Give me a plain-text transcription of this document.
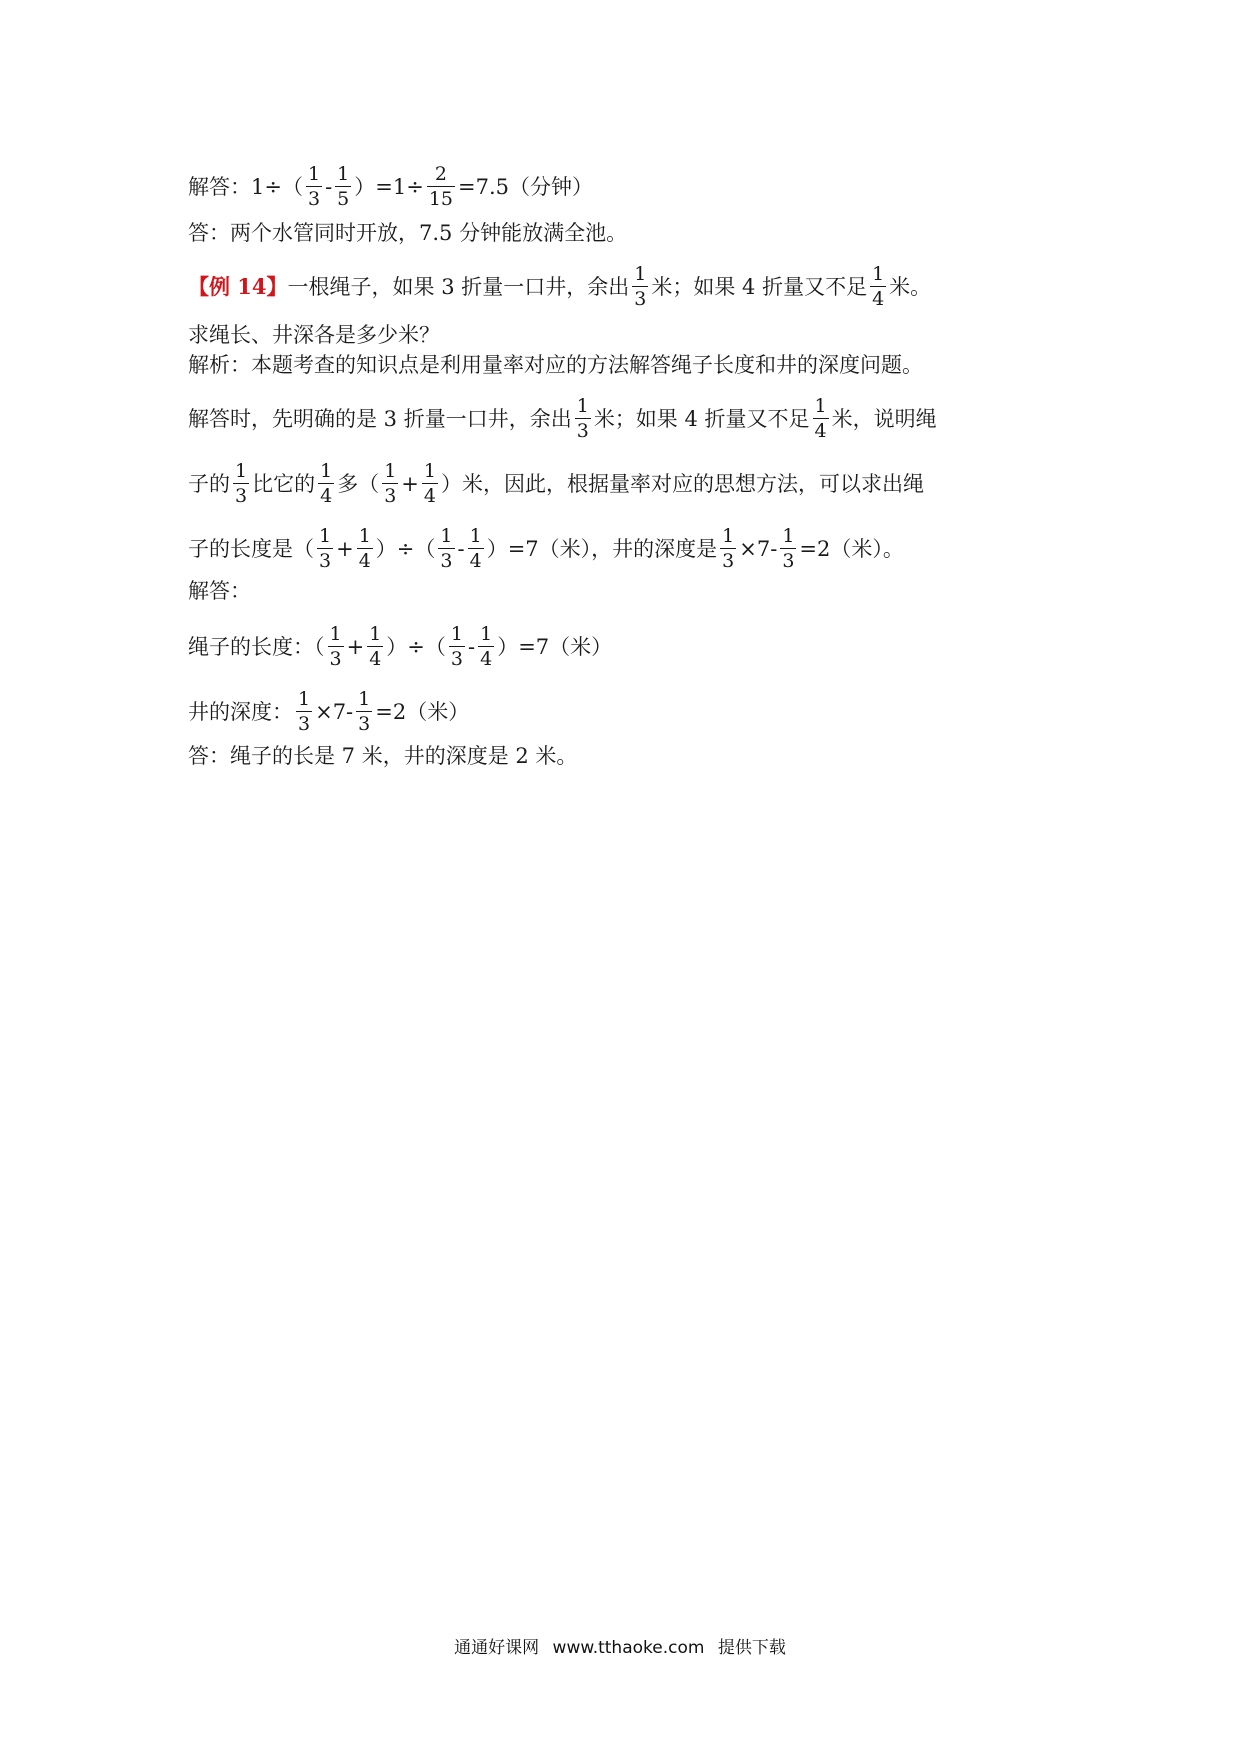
解答：$1\div( \frac{1}{3} - \frac{1}{5} )=1\div \frac{2}{15} =7.5$（分钟）
答：两个水管同时开放，7.5 分钟能放满全池。
【例 14】一根绳子，如果 3 折量一口井，余出 $\frac{1}{3}$ 米；如果 4 折量又不足 $\frac{1}{4}$ 米。
求绳长、井深各是多少米？
解析：本题考查的知识点是利用量率对应的方法解答绳子长度和井的深度问题。
解答时，先明确的是 3 折量一口井，余出 $\frac{1}{3}$ 米；如果 4 折量又不足 $\frac{1}{4}$ 米，说明绳
子的 $\frac{1}{3}$ 比它的 $\frac{1}{4}$ 多（ $\frac{1}{3} + \frac{1}{4}$ ）米，因此，根据量率对应的思想方法，可以求出绳
子的长度是（ $\frac{1}{3} + \frac{1}{4}$ ）÷（ $\frac{1}{3} - \frac{1}{4} )=7$（米），井的深度是 $\frac{1}{3} \times 7- \frac{1}{3} =2$（米）。
解答：
绳子的长度：（ $\frac{1}{3} + \frac{1}{4}$ ）÷（ $\frac{1}{3} - \frac{1}{4} )=7$（米）
井的深度： $\frac{1}{3} \times 7- \frac{1}{3} =2$（米）
答：绳子的长是 7 米，井的深度是 2 米。
通通好课网 www.tthaoke.com 提供下载
